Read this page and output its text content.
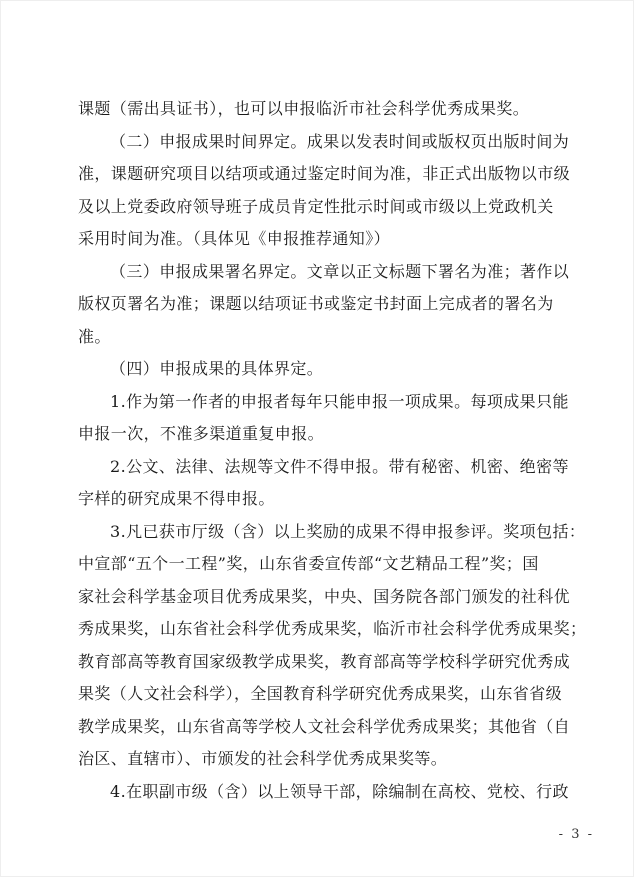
课题（需出具证书），也可以申报临沂市社会科学优秀成果奖。
（二）申报成果时间界定。成果以发表时间或版权页出版时间为
准，课题研究项目以结项或通过鉴定时间为准，非正式出版物以市级
及以上党委政府领导班子成员肯定性批示时间或市级以上党政机关
采用时间为准。（具体见《申报推荐通知》）
（三）申报成果署名界定。文章以正文标题下署名为准；著作以
版权页署名为准；课题以结项证书或鉴定书封面上完成者的署名为
准。
（四）申报成果的具体界定。
1.作为第一作者的申报者每年只能申报一项成果。每项成果只能
申报一次，不准多渠道重复申报。
2.公文、法律、法规等文件不得申报。带有秘密、机密、绝密等
字样的研究成果不得申报。
3.凡已获市厅级（含）以上奖励的成果不得申报参评。奖项包括：
中宣部“五个一工程”奖，山东省委宣传部“文艺精品工程”奖；国
家社会科学基金项目优秀成果奖，中央、国务院各部门颁发的社科优
秀成果奖，山东省社会科学优秀成果奖，临沂市社会科学优秀成果奖；
教育部高等教育国家级教学成果奖，教育部高等学校科学研究优秀成
果奖（人文社会科学），全国教育科学研究优秀成果奖，山东省省级
教学成果奖，山东省高等学校人文社会科学优秀成果奖；其他省（自
治区、直辖市）、市颁发的社会科学优秀成果奖等。
4.在职副市级（含）以上领导干部，除编制在高校、党校、行政
- 3 -
